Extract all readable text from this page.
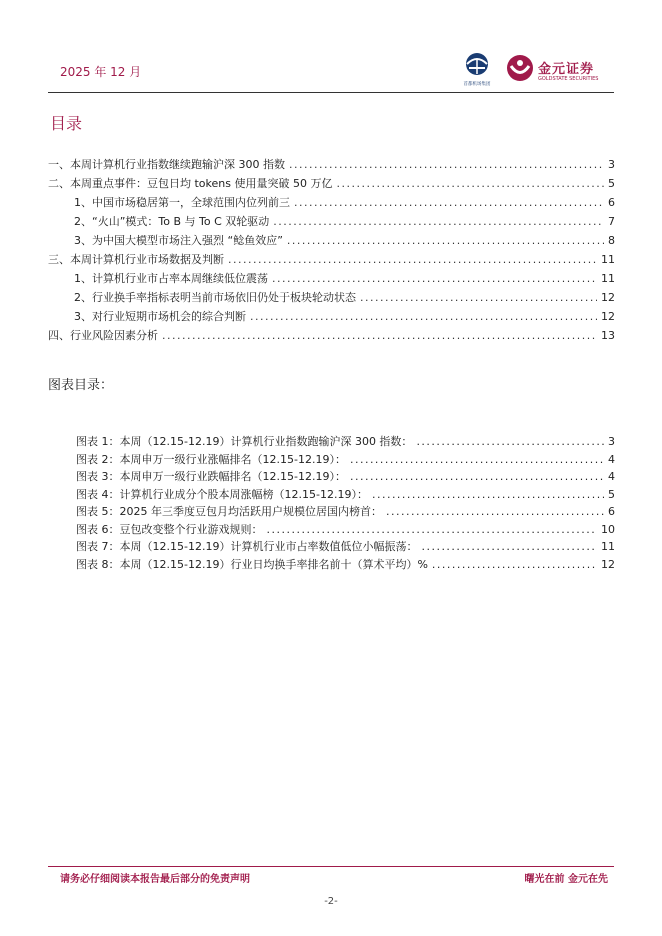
2025 年 12 月
首都机场集团
金元证券
GOLDSTATE SECURITIES
目录
一、本周计算机行业指数继续跑输沪深 300 指数 .....	3
二、本周重点事件：豆包日均 tokens 使用量突破 50 万亿 .....	5
1、中国市场稳居第一，全球范围内位列前三 .....	6
2、“火山”模式：To B 与 To C 双轮驱动 .....	7
3、为中国大模型市场注入强烈 “鲶鱼效应” .....	8
三、本周计算机行业市场数据及判断 .....	11
1、计算机行业市占率本周继续低位震荡 .....	11
2、行业换手率指标表明当前市场依旧仍处于板块轮动状态 .....	12
3、对行业短期市场机会的综合判断 .....	12
四、行业风险因素分析 .....	13
图表目录：
图表 1：本周（12.15-12.19）计算机行业指数跑输沪深 300 指数： .....	3
图表 2：本周申万一级行业涨幅排名（12.15-12.19）： .....	4
图表 3：本周申万一级行业跌幅排名（12.15-12.19）： .....	4
图表 4：计算机行业成分个股本周涨幅榜（12.15-12.19）： .....	5
图表 5：2025 年三季度豆包月均活跃用户规模位居国内榜首： .....	6
图表 6：豆包改变整个行业游戏规则： .....	10
图表 7：本周（12.15-12.19）计算机行业市占率数值低位小幅振荡： .....	11
图表 8：本周（12.15-12.19）行业日均换手率排名前十（算术平均）% .....	12
请务必仔细阅读本报告最后部分的免责声明	曙光在前 金元在先
-2-
